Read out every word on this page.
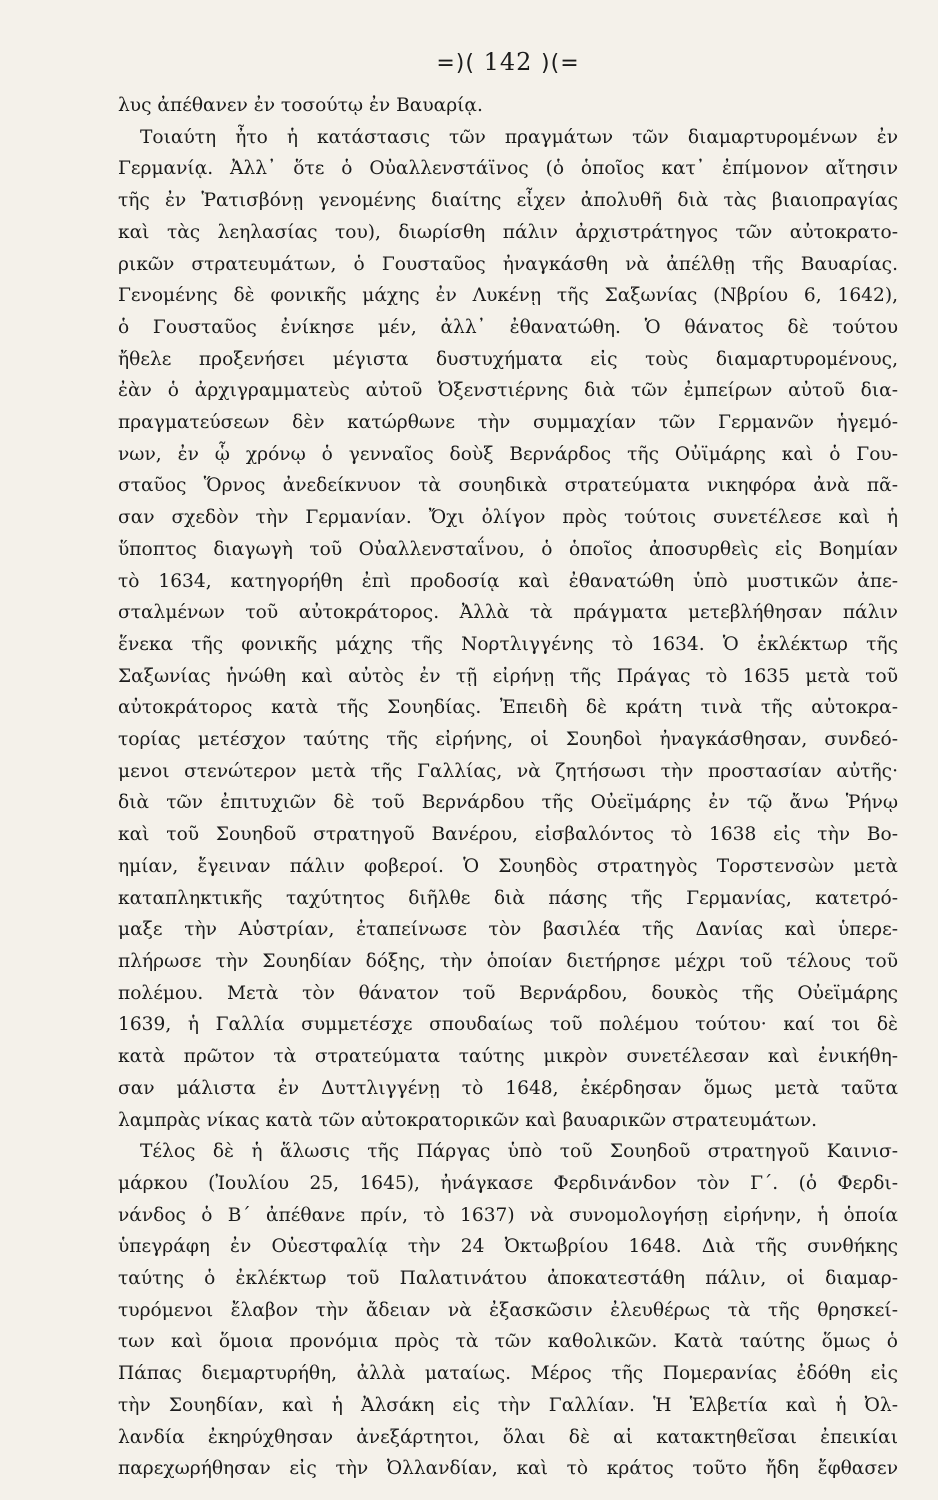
=)( 142 )(=
λυς ἀπέθανεν ἐν τοσούτῳ ἐν Βαυαρίᾳ.
Τοιαύτη ἦτο ἡ κατάστασις τῶν πραγμάτων τῶν διαμαρτυρομένων ἐν
Γερμανίᾳ. Ἀλλ᾽ ὅτε ὁ Οὐαλλενστάϊνος (ὁ ὁποῖος κατ᾽ ἐπίμονον αἴτησιν
τῆς ἐν Ῥατισβόνῃ γενομένης διαίτης εἶχεν ἀπολυθῆ διὰ τὰς βιαιοπραγίας
καὶ τὰς λεηλασίας του), διωρίσθη πάλιν ἀρχιστράτηγος τῶν αὐτοκρατο-
ρικῶν στρατευμάτων, ὁ Γουσταῦος ἠναγκάσθη νὰ ἀπέλθῃ τῆς Βαυαρίας.
Γενομένης δὲ φονικῆς μάχης ἐν Λυκένῃ τῆς Σαξωνίας (Νβρίου 6, 1642),
ὁ Γουσταῦος ἐνίκησε μέν, ἀλλ᾽ ἐθανατώθη. Ὁ θάνατος δὲ τούτου
ἤθελε προξενήσει μέγιστα δυστυχήματα εἰς τοὺς διαμαρτυρομένους,
ἐὰν ὁ ἀρχιγραμματεὺς αὐτοῦ Ὀξενστιέρνης διὰ τῶν ἐμπείρων αὐτοῦ δια-
πραγματεύσεων δὲν κατώρθωνε τὴν συμμαχίαν τῶν Γερμανῶν ἡγεμό-
νων, ἐν ᾧ χρόνῳ ὁ γενναῖος δοὺξ Βερνάρδος τῆς Οὐϊμάρης καὶ ὁ Γου-
σταῦος Ὅρνος ἀνεδείκνυον τὰ σουηδικὰ στρατεύματα νικηφόρα ἀνὰ πᾶ-
σαν σχεδὸν τὴν Γερμανίαν. Ὄχι ὀλίγον πρὸς τούτοις συνετέλεσε καὶ ἡ
ὕποπτος διαγωγὴ τοῦ Οὐαλλενσταΐνου, ὁ ὁποῖος ἀποσυρθεὶς εἰς Βοημίαν
τὸ 1634, κατηγορήθη ἐπὶ προδοσίᾳ καὶ ἐθανατώθη ὑπὸ μυστικῶν ἀπε-
σταλμένων τοῦ αὐτοκράτορος. Ἀλλὰ τὰ πράγματα μετεβλήθησαν πάλιν
ἕνεκα τῆς φονικῆς μάχης τῆς Νορτλιγγένης τὸ 1634. Ὁ ἐκλέκτωρ τῆς
Σαξωνίας ἡνώθη καὶ αὐτὸς ἐν τῇ εἰρήνῃ τῆς Πράγας τὸ 1635 μετὰ τοῦ
αὐτοκράτορος κατὰ τῆς Σουηδίας. Ἐπειδὴ δὲ κράτη τινὰ τῆς αὐτοκρα-
τορίας μετέσχον ταύτης τῆς εἰρήνης, οἱ Σουηδοὶ ἠναγκάσθησαν, συνδεό-
μενοι στενώτερον μετὰ τῆς Γαλλίας, νὰ ζητήσωσι τὴν προστασίαν αὐτῆς·
διὰ τῶν ἐπιτυχιῶν δὲ τοῦ Βερνάρδου τῆς Οὐεϊμάρης ἐν τῷ ἄνω Ῥήνῳ
καὶ τοῦ Σουηδοῦ στρατηγοῦ Βανέρου, εἰσβαλόντος τὸ 1638 εἰς τὴν Βο-
ημίαν, ἔγειναν πάλιν φοβεροί. Ὁ Σουηδὸς στρατηγὸς Τορστενσὼν μετὰ
καταπληκτικῆς ταχύτητος διῆλθε διὰ πάσης τῆς Γερμανίας, κατετρό-
μαξε τὴν Αὐστρίαν, ἐταπείνωσε τὸν βασιλέα τῆς Δανίας καὶ ὑπερε-
πλήρωσε τὴν Σουηδίαν δόξης, τὴν ὁποίαν διετήρησε μέχρι τοῦ τέλους τοῦ
πολέμου. Μετὰ τὸν θάνατον τοῦ Βερνάρδου, δουκὸς τῆς Οὐεϊμάρης
1639, ἡ Γαλλία συμμετέσχε σπουδαίως τοῦ πολέμου τούτου· καί τοι δὲ
κατὰ πρῶτον τὰ στρατεύματα ταύτης μικρὸν συνετέλεσαν καὶ ἐνικήθη-
σαν μάλιστα ἐν Δυττλιγγένῃ τὸ 1648, ἐκέρδησαν ὅμως μετὰ ταῦτα
λαμπρὰς νίκας κατὰ τῶν αὐτοκρατορικῶν καὶ βαυαρικῶν στρατευμάτων.
Τέλος δὲ ἡ ἅλωσις τῆς Πάργας ὑπὸ τοῦ Σουηδοῦ στρατηγοῦ Καινισ-
μάρκου (Ἰουλίου 25, 1645), ἠνάγκασε Φερδινάνδον τὸν Γ΄. (ὁ Φερδι-
νάνδος ὁ Β΄ ἀπέθανε πρίν, τὸ 1637) νὰ συνομολογήσῃ εἰρήνην, ἡ ὁποία
ὑπεγράφη ἐν Οὐεστφαλίᾳ τὴν 24 Ὀκτωβρίου 1648. Διὰ τῆς συνθήκης
ταύτης ὁ ἐκλέκτωρ τοῦ Παλατινάτου ἀποκατεστάθη πάλιν, οἱ διαμαρ-
τυρόμενοι ἔλαβον τὴν ἄδειαν νὰ ἐξασκῶσιν ἐλευθέρως τὰ τῆς θρησκεί-
των καὶ ὅμοια προνόμια πρὸς τὰ τῶν καθολικῶν. Κατὰ ταύτης ὅμως ὁ
Πάπας διεμαρτυρήθη, ἀλλὰ ματαίως. Μέρος τῆς Πομερανίας ἐδόθη εἰς
τὴν Σουηδίαν, καὶ ἡ Ἀλσάκη εἰς τὴν Γαλλίαν. Ἡ Ἑλβετία καὶ ἡ Ὀλ-
λανδία ἐκηρύχθησαν ἀνεξάρτητοι, ὅλαι δὲ αἱ κατακτηθεῖσαι ἐπεικίαι
παρεχωρήθησαν εἰς τὴν Ὀλλανδίαν, καὶ τὸ κράτος τοῦτο ἤδη ἔφθασεν
